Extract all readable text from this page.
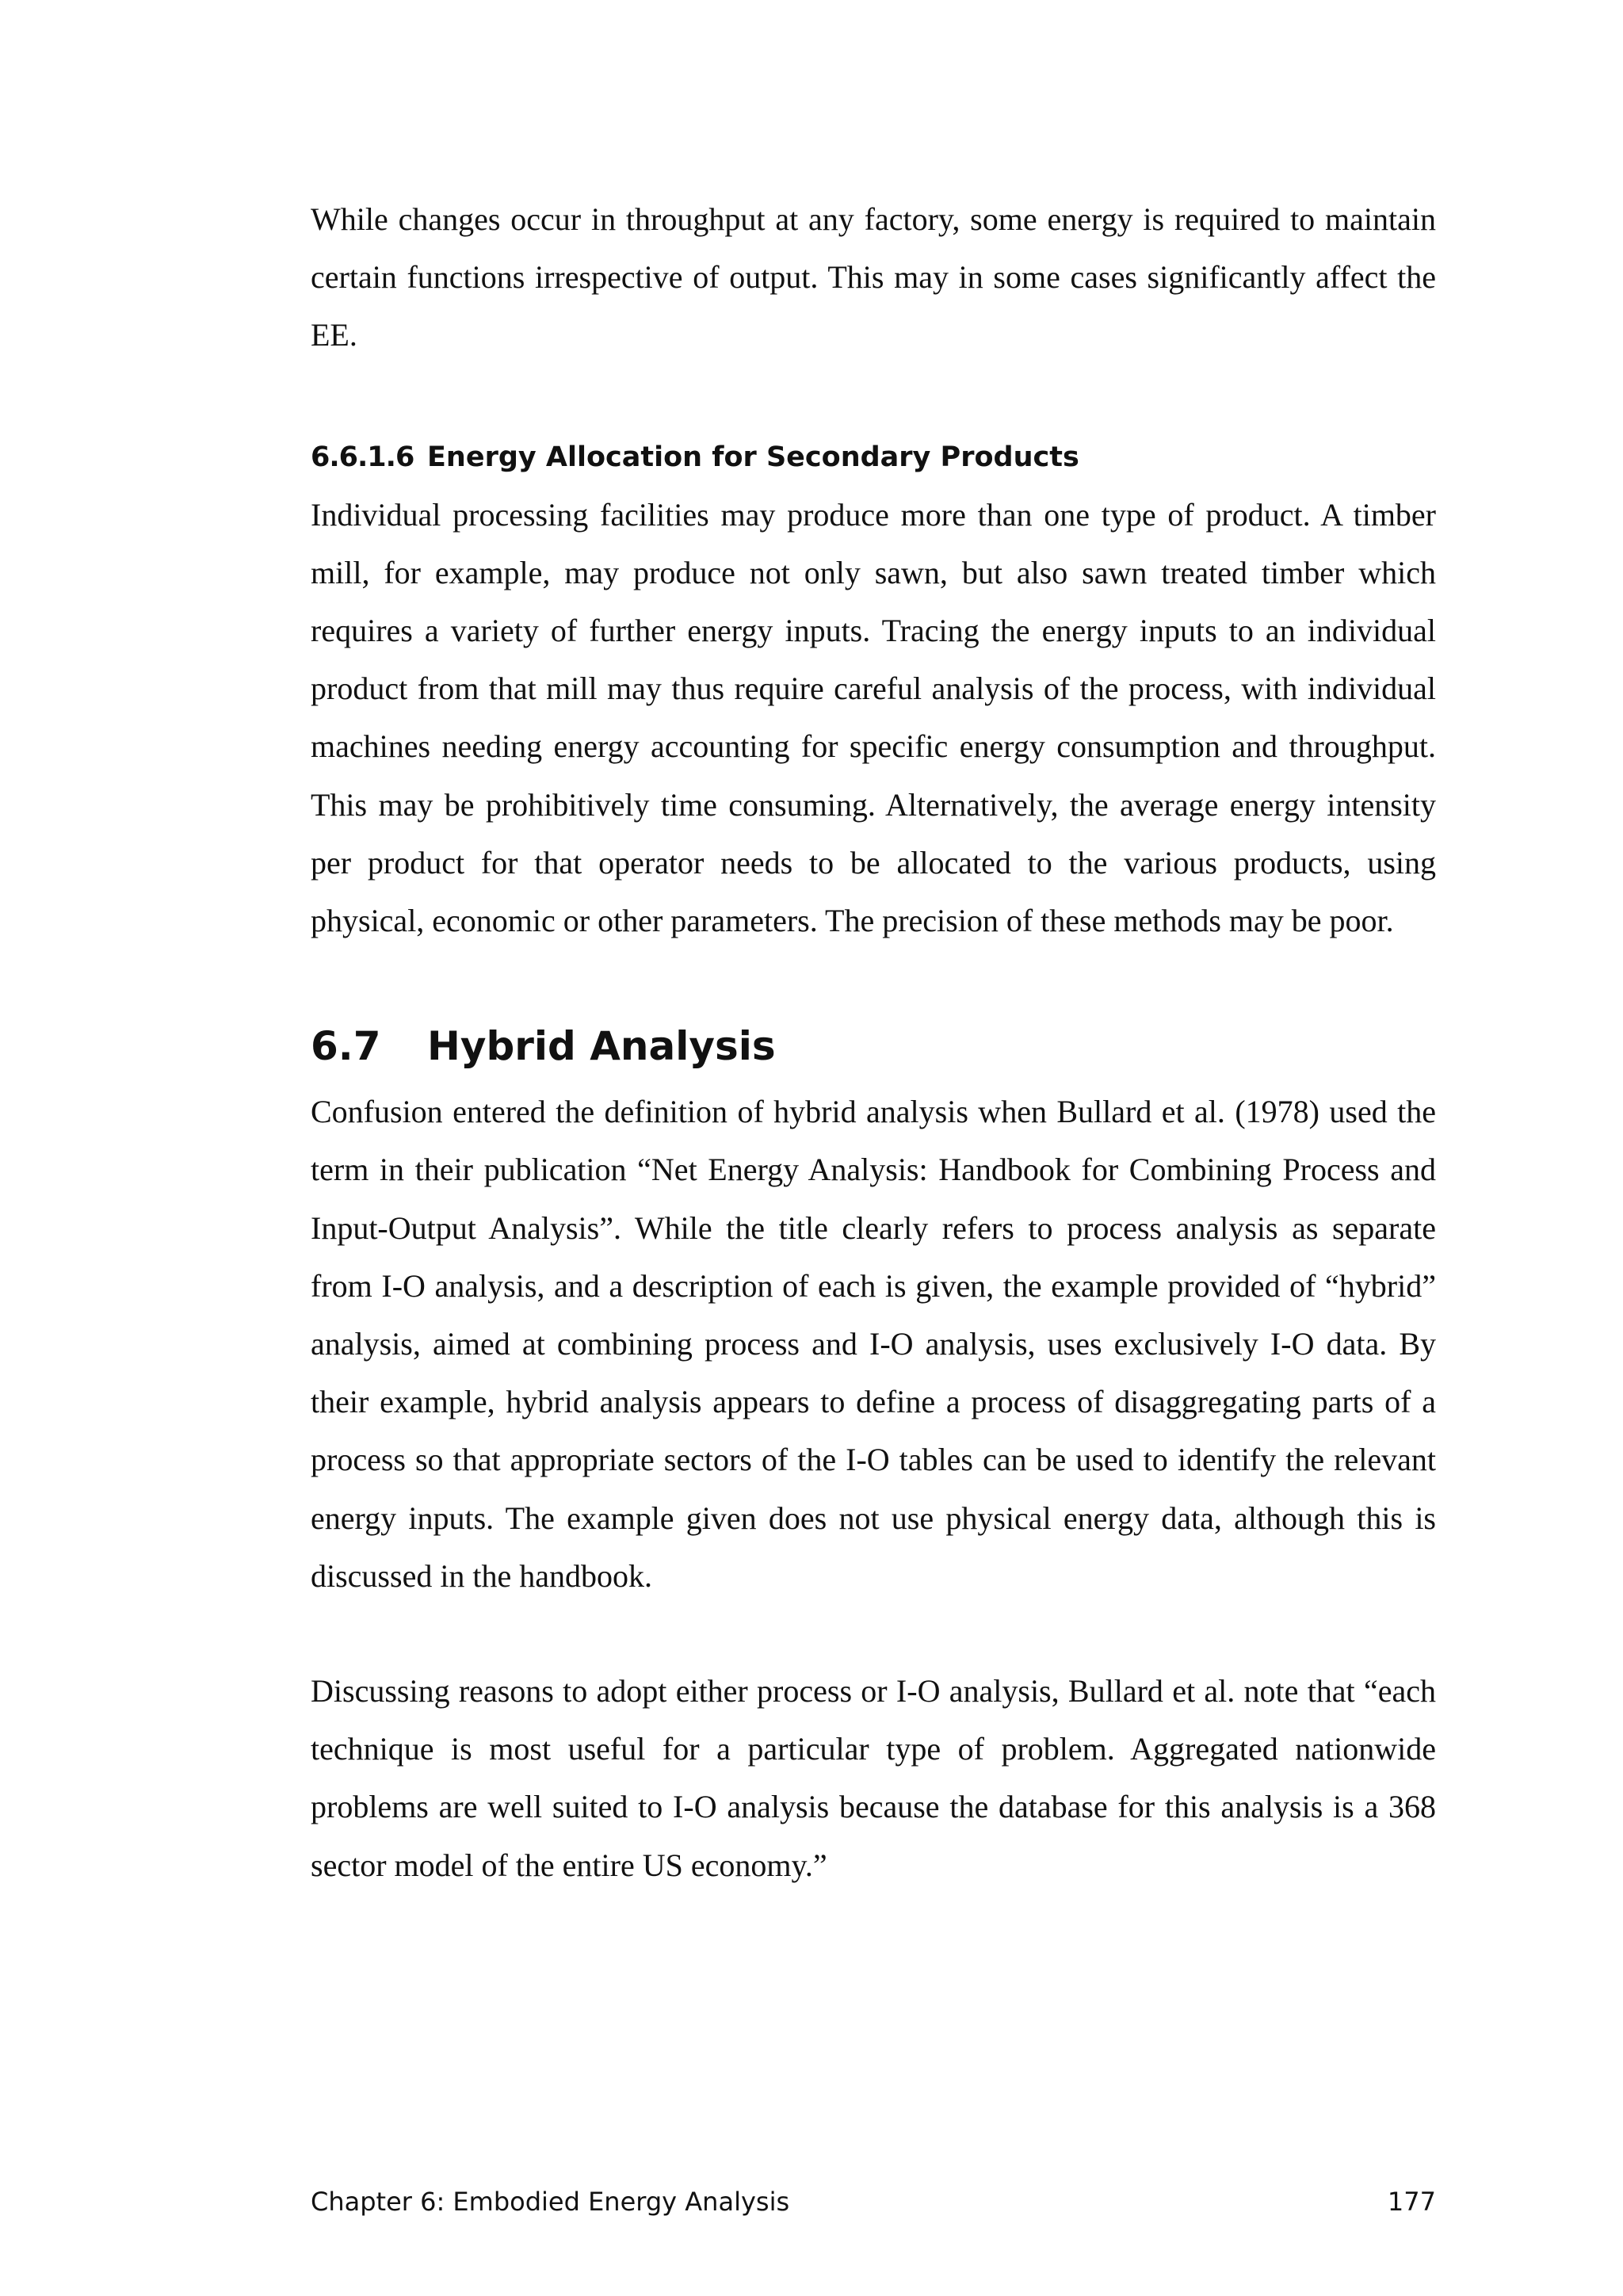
While changes occur in throughput at any factory, some energy is required to maintain certain functions irrespective of output. This may in some cases significantly affect the EE.

6.6.1.6 Energy Allocation for Secondary Products

Individual processing facilities may produce more than one type of product. A timber mill, for example, may produce not only sawn, but also sawn treated timber which requires a variety of further energy inputs. Tracing the energy inputs to an individual product from that mill may thus require careful analysis of the process, with individual machines needing energy accounting for specific energy consumption and throughput. This may be prohibitively time consuming. Alternatively, the average energy intensity per product for that operator needs to be allocated to the various products, using physical, economic or other parameters. The precision of these methods may be poor.

6.7	Hybrid Analysis

Confusion entered the definition of hybrid analysis when Bullard et al. (1978) used the term in their publication “Net Energy Analysis: Handbook for Combining Process and Input-Output Analysis”. While the title clearly refers to process analysis as separate from I-O analysis, and a description of each is given, the example provided of “hybrid” analysis, aimed at combining process and I-O analysis, uses exclusively I-O data. By their example, hybrid analysis appears to define a process of disaggregating parts of a process so that appropriate sectors of the I-O tables can be used to identify the relevant energy inputs. The example given does not use physical energy data, although this is discussed in the handbook.

Discussing reasons to adopt either process or I-O analysis, Bullard et al. note that “each technique is most useful for a particular type of problem. Aggregated nationwide problems are well suited to I-O analysis because the database for this analysis is a 368 sector model of the entire US economy.”

Chapter 6: Embodied Energy Analysis	177
